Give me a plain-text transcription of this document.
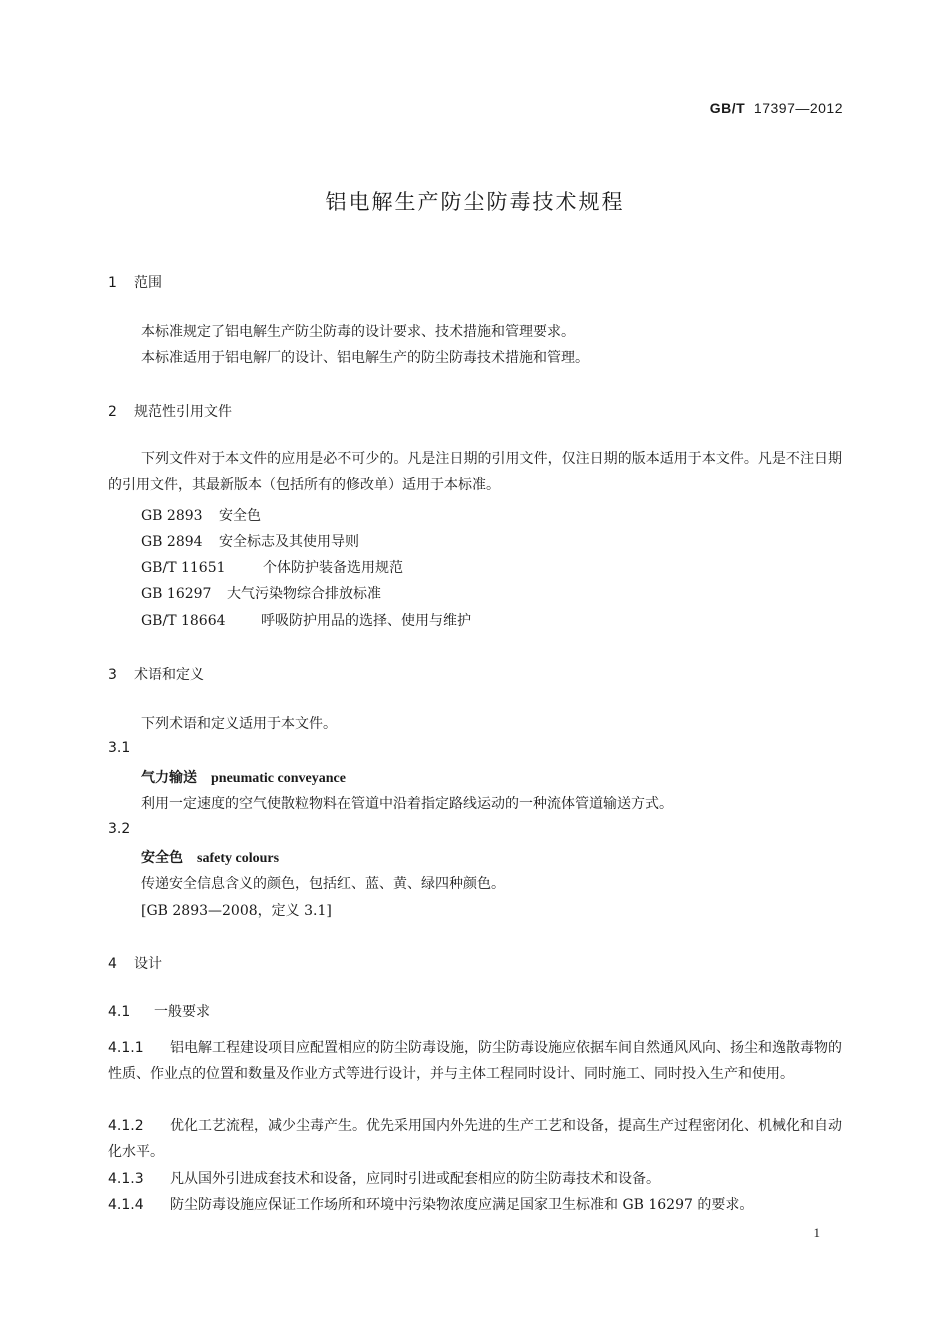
GB/T 17397—2012
铝电解生产防尘防毒技术规程
1 范围
本标准规定了铝电解生产防尘防毒的设计要求、技术措施和管理要求。
本标准适用于铝电解厂的设计、铝电解生产的防尘防毒技术措施和管理。
2 规范性引用文件
下列文件对于本文件的应用是必不可少的。凡是注日期的引用文件，仅注日期的版本适用于本文件。凡是不注日期的引用文件，其最新版本（包括所有的修改单）适用于本标准。
GB 2893 安全色
GB 2894 安全标志及其使用导则
GB/T 11651	个体防护装备选用规范
GB 16297 大气污染物综合排放标准
GB/T 18664	呼吸防护用品的选择、使用与维护
3 术语和定义
下列术语和定义适用于本文件。
3.1
气力输送 pneumatic conveyance
利用一定速度的空气使散粒物料在管道中沿着指定路线运动的一种流体管道输送方式。
3.2
安全色 safety colours
传递安全信息含义的颜色，包括红、蓝、黄、绿四种颜色。
[GB 2893—2008，定义 3.1]
4 设计
4.1 一般要求
4.1.1 铝电解工程建设项目应配置相应的防尘防毒设施，防尘防毒设施应依据车间自然通风风向、扬尘和逸散毒物的性质、作业点的位置和数量及作业方式等进行设计，并与主体工程同时设计、同时施工、同时投入生产和使用。
4.1.2 优化工艺流程，减少尘毒产生。优先采用国内外先进的生产工艺和设备，提高生产过程密闭化、机械化和自动化水平。
4.1.3 凡从国外引进成套技术和设备，应同时引进或配套相应的防尘防毒技术和设备。
4.1.4 防尘防毒设施应保证工作场所和环境中污染物浓度应满足国家卫生标准和 GB 16297 的要求。
1
